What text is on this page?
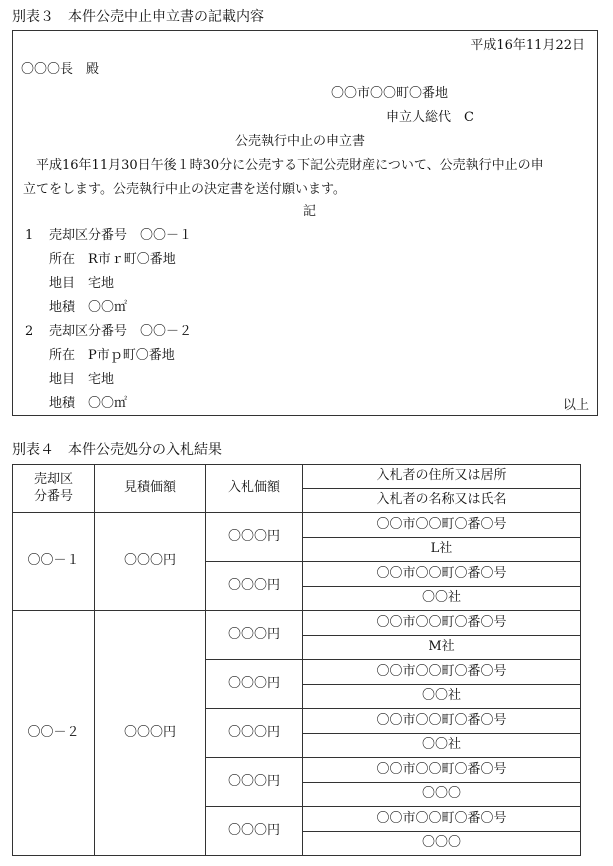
別表３　本件公売中止申立書の記載内容
平成16年11月22日
〇〇〇長　殿
〇〇市〇〇町〇番地
申立人総代　C
公売執行中止の申立書
平成16年11月30日午後１時30分に公売する下記公売財産について、公売執行中止の申
立てをします。公売執行中止の決定書を送付願います。
記
1 売却区分番号　〇〇－１
所在　R市ｒ町〇番地
地目　宅地
地積　〇〇㎡
2 売却区分番号　〇〇－２
所在　P市ｐ町〇番地
地目　宅地
地積　〇〇㎡	以上
別表４　本件公売処分の入札結果
売却区
分番号	見積価額	入札価額	入札者の住所又は居所
			入札者の名称又は氏名
〇〇－１	〇〇〇円	〇〇〇円	〇〇市〇〇町〇番〇号
			L社
		〇〇〇円	〇〇市〇〇町〇番〇号
			〇〇社
〇〇－２	〇〇〇円	〇〇〇円	〇〇市〇〇町〇番〇号
			M社
		〇〇〇円	〇〇市〇〇町〇番〇号
			〇〇社
		〇〇〇円	〇〇市〇〇町〇番〇号
			〇〇社
		〇〇〇円	〇〇市〇〇町〇番〇号
			〇〇〇
		〇〇〇円	〇〇市〇〇町〇番〇号
			〇〇〇
